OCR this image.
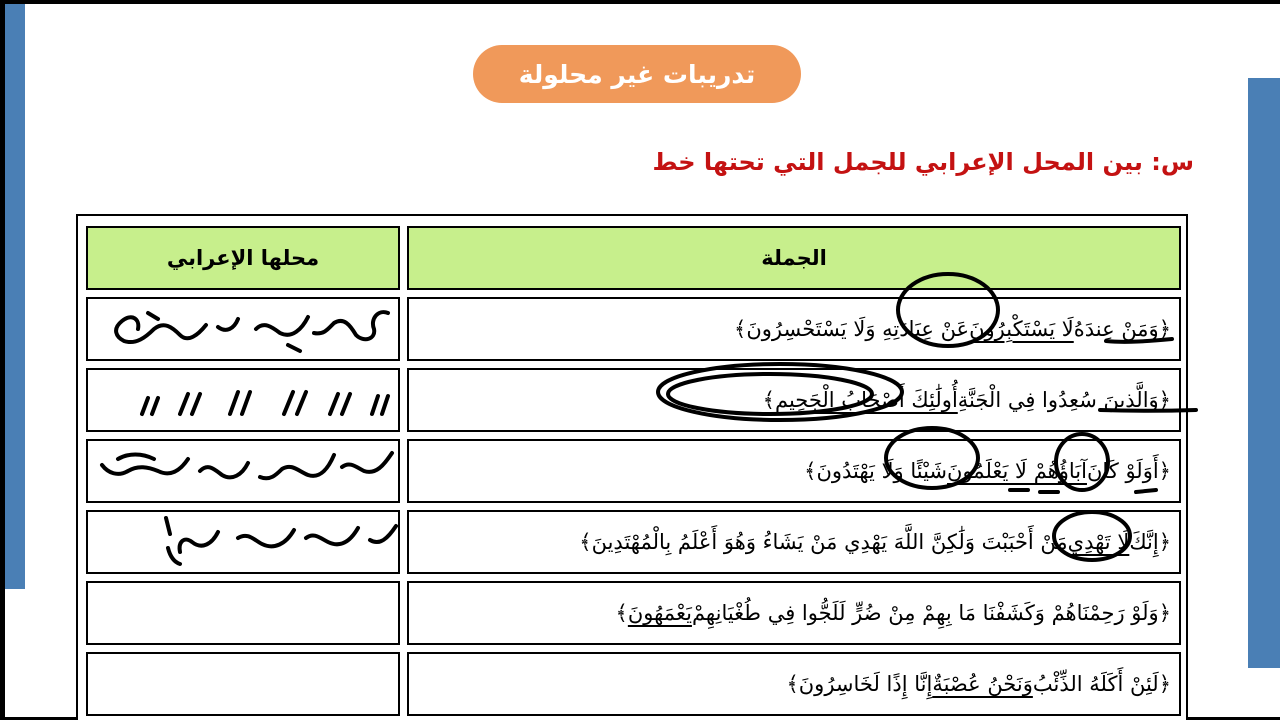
تدريبات غير محلولة
س: بين المحل الإعرابي للجمل التي تحتها خط
الجملة
محلها الإعرابي
﴿وَمَنْ عِندَهُ
لَا يَسْتَكْبِرُونَ
عَنْ عِبَادَتِهِ وَلَا يَسْتَحْسِرُونَ﴾
﴿وَالَّذِينَ سُعِدُوا فِي الْجَنَّةِ
أُولَٰئِكَ أَصْحَابُ الْجَحِيمِ
﴾
﴿أَوَلَوْ كَانَ
آبَاؤُهُمْ لَا يَعْلَمُونَ
شَيْئًا وَلَا يَهْتَدُونَ﴾
﴿إِنَّكَ
لَا تَهْدِي
مَنْ أَحْبَبْتَ وَلَٰكِنَّ اللَّهَ يَهْدِي مَنْ يَشَاءُ وَهُوَ أَعْلَمُ بِالْمُهْتَدِينَ﴾
﴿وَلَوْ رَحِمْنَاهُمْ وَكَشَفْنَا مَا بِهِمْ مِنْ ضُرٍّ لَلَجُّوا فِي طُغْيَانِهِمْ
يَعْمَهُونَ
﴾
﴿لَئِنْ أَكَلَهُ الذِّئْبُ
وَنَحْنُ عُصْبَةٌ
إِنَّا إِذًا لَخَاسِرُونَ﴾
